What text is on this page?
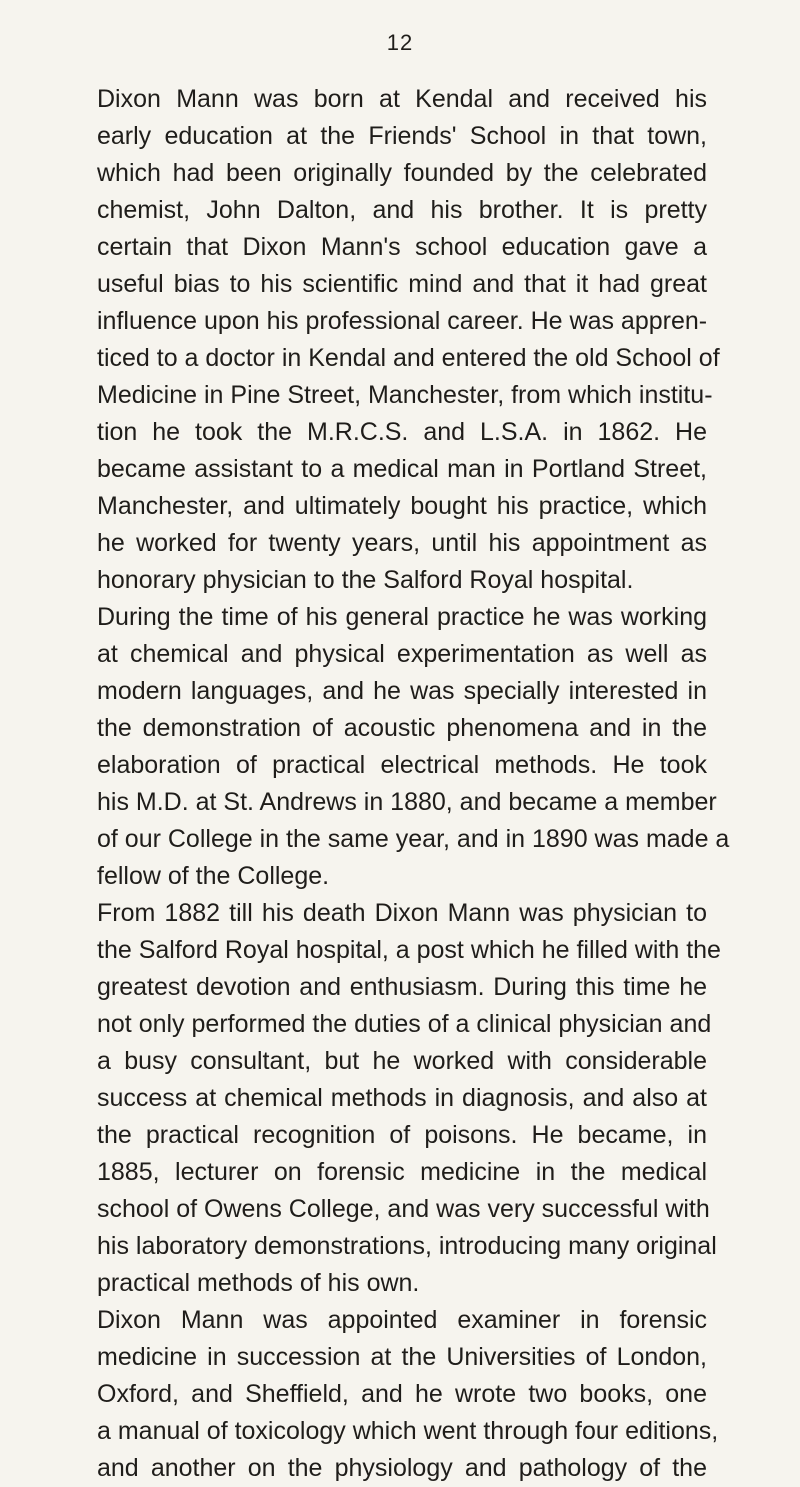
12
Dixon Mann was born at Kendal and received his
early education at the Friends' School in that town,
which had been originally founded by the celebrated
chemist, John Dalton, and his brother. It is pretty
certain that Dixon Mann's school education gave a
useful bias to his scientific mind and that it had great
influence upon his professional career. He was appren-
ticed to a doctor in Kendal and entered the old School of
Medicine in Pine Street, Manchester, from which institu-
tion he took the M.R.C.S. and L.S.A. in 1862. He
became assistant to a medical man in Portland Street,
Manchester, and ultimately bought his practice, which
he worked for twenty years, until his appointment as
honorary physician to the Salford Royal hospital.
During the time of his general practice he was working
at chemical and physical experimentation as well as
modern languages, and he was specially interested in
the demonstration of acoustic phenomena and in the
elaboration of practical electrical methods. He took
his M.D. at St. Andrews in 1880, and became a member
of our College in the same year, and in 1890 was made a
fellow of the College.
From 1882 till his death Dixon Mann was physician to
the Salford Royal hospital, a post which he filled with the
greatest devotion and enthusiasm. During this time he
not only performed the duties of a clinical physician and
a busy consultant, but he worked with considerable
success at chemical methods in diagnosis, and also at
the practical recognition of poisons. He became, in
1885, lecturer on forensic medicine in the medical
school of Owens College, and was very successful with
his laboratory demonstrations, introducing many original
practical methods of his own.
Dixon Mann was appointed examiner in forensic
medicine in succession at the Universities of London,
Oxford, and Sheffield, and he wrote two books, one
a manual of toxicology which went through four editions,
and another on the physiology and pathology of the
